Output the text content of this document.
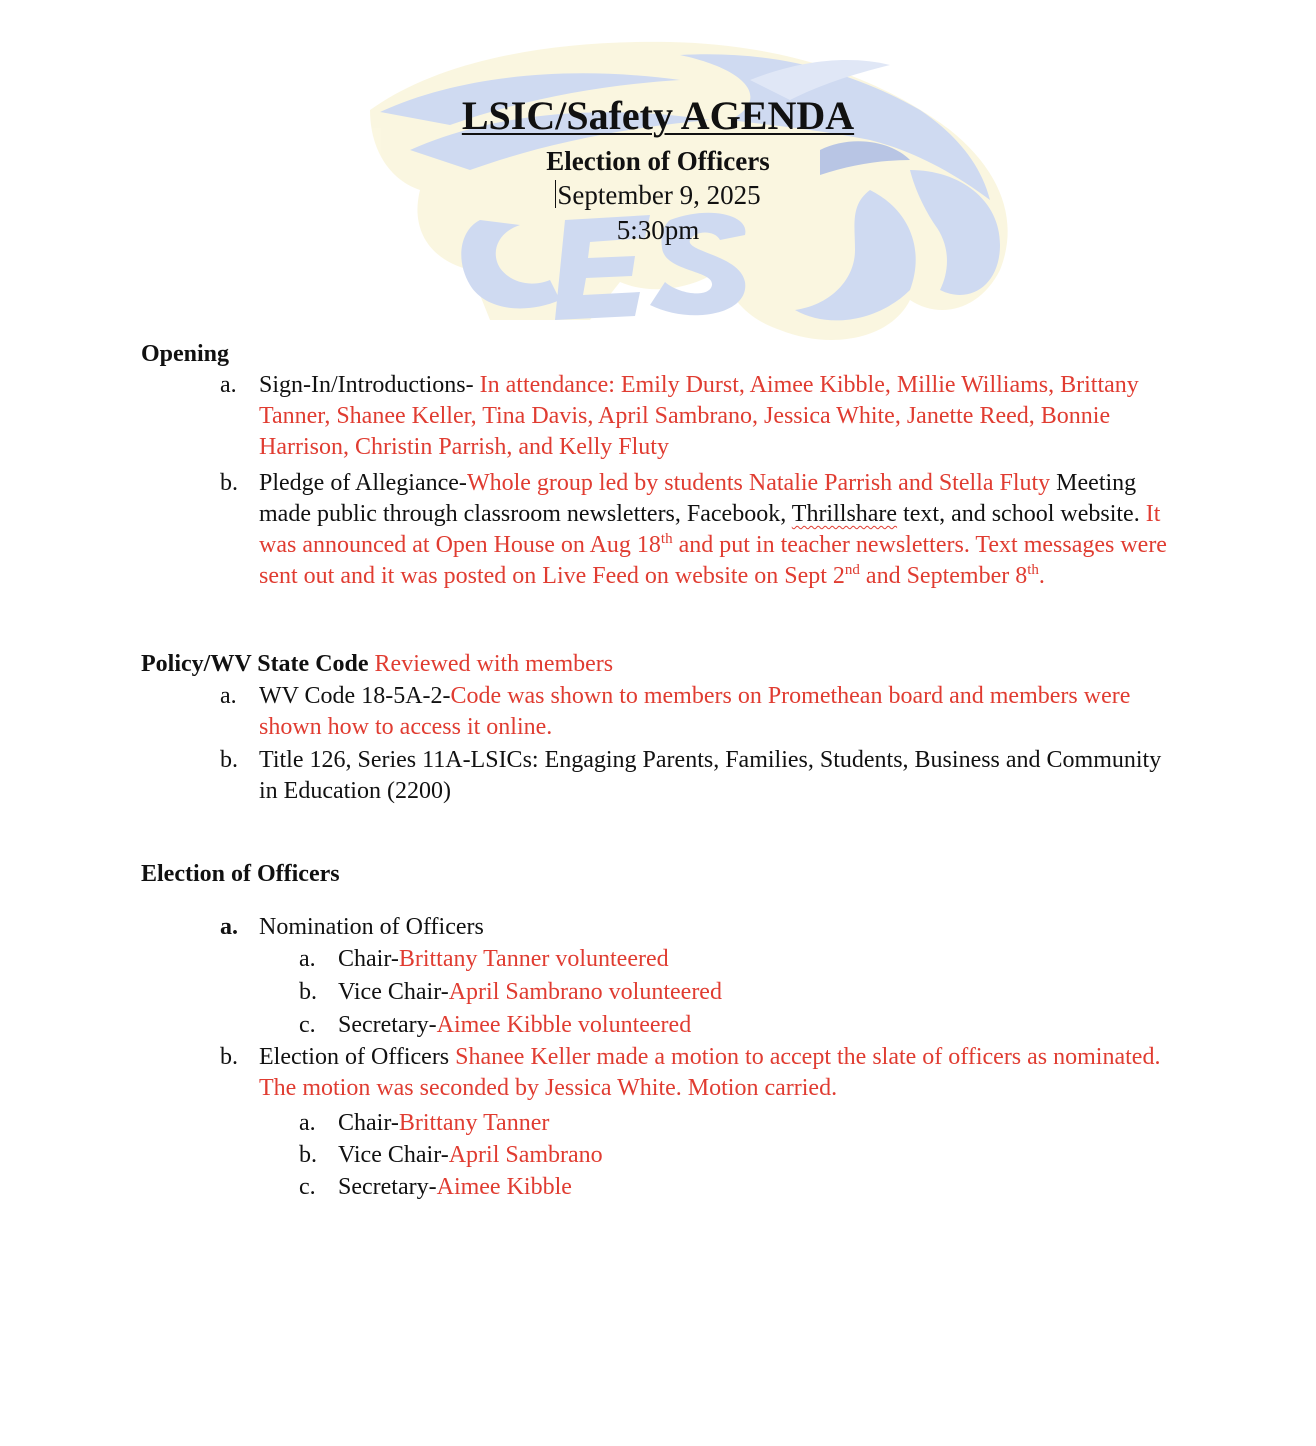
LSIC/Safety AGENDA
Election of Officers
September 9, 2025
5:30pm
Opening
a. Sign-In/Introductions- In attendance: Emily Durst, Aimee Kibble, Millie Williams, Brittany Tanner, Shanee Keller, Tina Davis, April Sambrano, Jessica White, Janette Reed, Bonnie Harrison, Christin Parrish, and Kelly Fluty
b. Pledge of Allegiance-Whole group led by students Natalie Parrish and Stella Fluty Meeting made public through classroom newsletters, Facebook, Thrillshare text, and school website. It was announced at Open House on Aug 18th and put in teacher newsletters. Text messages were sent out and it was posted on Live Feed on website on Sept 2nd and September 8th.
Policy/WV State Code Reviewed with members
a. WV Code 18-5A-2-Code was shown to members on Promethean board and members were shown how to access it online.
b. Title 126, Series 11A-LSICs: Engaging Parents, Families, Students, Business and Community in Education (2200)
Election of Officers
a. Nomination of Officers
a. Chair-Brittany Tanner volunteered
b. Vice Chair-April Sambrano volunteered
c. Secretary-Aimee Kibble volunteered
b. Election of Officers Shanee Keller made a motion to accept the slate of officers as nominated. The motion was seconded by Jessica White. Motion carried.
a. Chair-Brittany Tanner
b. Vice Chair-April Sambrano
c. Secretary-Aimee Kibble
